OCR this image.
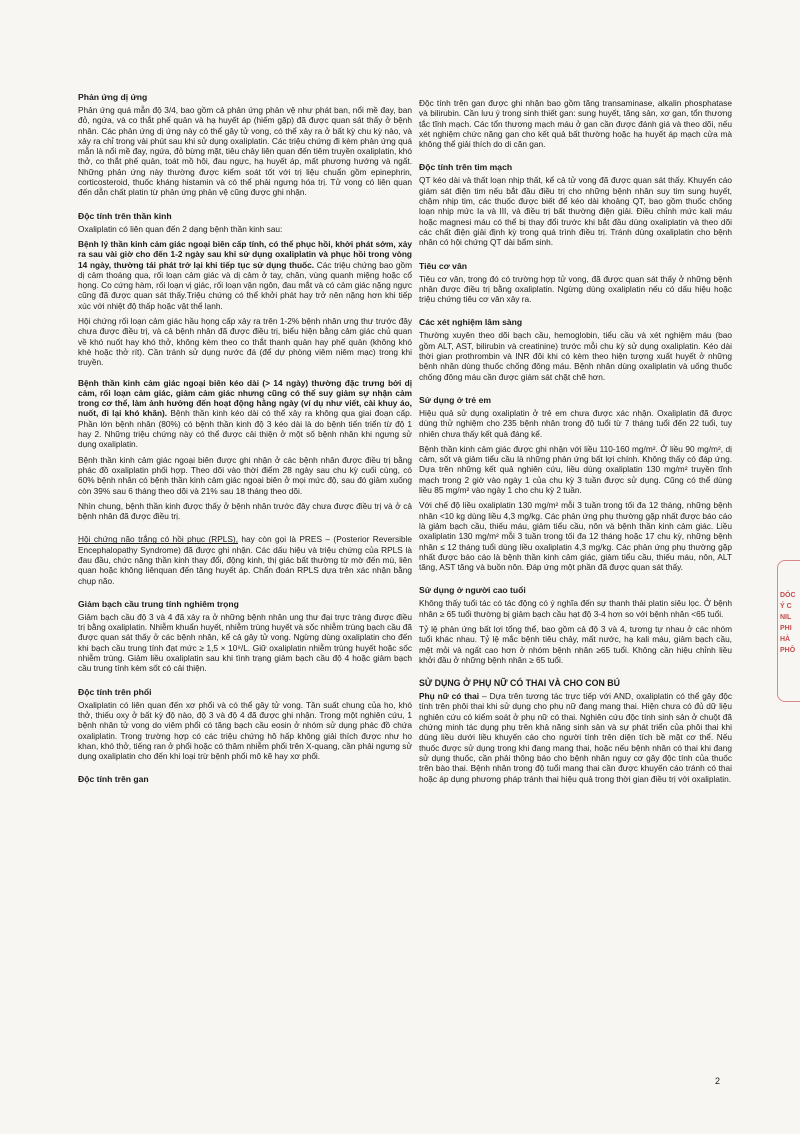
Phản ứng dị ứng

Phản ứng quá mẫn độ 3/4, bao gồm cả phản ứng phản vệ như phát ban, nổi mề đay, ban đỏ, ngứa, và co thắt phế quản và hạ huyết áp (hiếm gặp) đã được quan sát thấy ở bệnh nhân. Các phản ứng dị ứng này có thể gây tử vong, có thể xảy ra ở bất kỳ chu kỳ nào, và xảy ra chỉ trong vài phút sau khi sử dụng oxaliplatin. Các triệu chứng đi kèm phản ứng quá mẫn là nổi mề đay, ngứa, đỏ bừng mặt, tiêu chảy liên quan đến tiêm truyền oxaliplatin, khó thở, co thắt phế quản, toát mồ hôi, đau ngực, hạ huyết áp, mất phương hướng và ngất. Những phản ứng này thường được kiểm soát tốt với trị liệu chuẩn gồm epinephrin, corticosteroid, thuốc kháng histamin và có thể phải ngưng hóa trị. Tử vong có liên quan đến dẫn chất platin từ phản ứng phản vệ cũng được ghi nhận.

Độc tính trên thần kinh

Oxaliplatin có liên quan đến 2 dạng bệnh thần kinh sau:

Bệnh lý thần kinh cảm giác ngoại biên cấp tính, có thể phục hồi, khởi phát sớm, xảy ra sau vài giờ cho đến 1-2 ngày sau khi sử dụng oxaliplatin và phục hồi trong vòng 14 ngày, thường tái phát trở lại khi tiếp tục sử dụng thuốc. Các triệu chứng bao gồm dị cảm thoáng qua, rối loạn cảm giác và dị cảm ở tay, chân, vùng quanh miệng hoặc cổ họng. Co cứng hàm, rối loạn vị giác, rối loạn vận ngôn, đau mắt và có cảm giác nặng ngực cũng đã được quan sát thấy.Triệu chứng có thể khởi phát hay trở nên nặng hơn khi tiếp xúc với nhiệt độ thấp hoặc vật thể lạnh.

Hội chứng rối loạn cảm giác hầu họng cấp xảy ra trên 1-2% bệnh nhân ưng thư trước đây chưa được điều trị, và cả bệnh nhân đã được điều trị, biểu hiện bằng cảm giác chủ quan về khó nuốt hay khó thở, không kèm theo co thắt thanh quản hay phế quản (không khó khè hoặc thở rít). Cần tránh sử dụng nước đá (để dự phòng viêm niêm mạc) trong khi truyền.

Bệnh thần kinh cảm giác ngoại biên kéo dài (> 14 ngày) thường đặc trưng bởi dị cảm, rối loạn cảm giác, giảm cảm giác nhưng cũng có thể suy giảm sự nhận cảm trong cơ thể, làm ảnh hưởng đến hoạt động hằng ngày (ví dụ như viết, cài khuy áo, nuốt, đi lại khó khăn). Bệnh thần kinh kéo dài có thể xảy ra không qua giai đoạn cấp. Phần lớn bệnh nhân (80%) có bệnh thần kinh độ 3 kéo dài là do bệnh tiến triển từ độ 1 hay 2. Những triệu chứng này có thể được cải thiện ở một số bệnh nhân khi ngưng sử dụng oxaliplatin.

Bệnh thần kinh cảm giác ngoại biên được ghi nhận ở các bệnh nhân được điều trị bằng phác đồ oxaliplatin phối hợp. Theo dõi vào thời điểm 28 ngày sau chu kỳ cuối cùng, có 60% bệnh nhân có bệnh thần kinh cảm giác ngoại biên ở mọi mức độ, sau đó giảm xuống còn 39% sau 6 tháng theo dõi và 21% sau 18 tháng theo dõi.

Nhìn chung, bệnh thần kinh được thấy ở bệnh nhân trước đây chưa được điều trị và ở cả bệnh nhân đã được điều trị.

Hội chứng não trắng có hồi phục (RPLS), hay còn gọi là PRES – (Posterior Reversible Encephalopathy Syndrome) đã được ghi nhận. Các dấu hiệu và triệu chứng của RPLS là đau đầu, chức năng thần kinh thay đổi, động kinh, thị giác bất thường từ mờ đến mù, liên quan hoặc không liênquan đến tăng huyết áp. Chẩn đoán RPLS dựa trên xác nhận bằng chụp não.

Giảm bạch cầu trung tính nghiêm trọng

Giảm bạch cầu độ 3 và 4 đã xảy ra ở những bệnh nhân ung thư đại trực tràng được điều trị bằng oxaliplatin. Nhiễm khuẩn huyết, nhiễm trùng huyết và sốc nhiễm trùng bạch cầu đã được quan sát thấy ở các bệnh nhân, kể cả gây tử vong. Ngừng dùng oxaliplatin cho đến khi bạch cầu trung tính đạt mức ≥ 1,5 × 10⁹/L. Giữ oxaliplatin nhiễm trùng huyết hoặc sốc nhiễm trùng. Giảm liều oxaliplatin sau khi tình trạng giảm bạch cầu độ 4 hoặc giảm bạch cầu trung tính kèm sốt có cải thiện.

Độc tính trên phổi

Oxaliplatin có liên quan đến xơ phổi và có thể gây tử vong. Tần suất chung của ho, khó thở, thiếu oxy ở bất kỳ độ nào, độ 3 và độ 4 đã được ghi nhận. Trong một nghiên cứu, 1 bệnh nhân tử vong do viêm phổi có tăng bạch cầu eosin ở nhóm sử dụng phác đồ chứa oxaliplatin. Trong trường hợp có các triệu chứng hô hấp không giải thích được như ho khan, khó thở, tiếng ran ở phổi hoặc có thâm nhiễm phổi trên X-quang, cần phải ngưng sử dụng oxaliplatin cho đến khi loại trừ bệnh phổi mô kẽ hay xơ phổi.

Độc tính trên gan

Độc tính trên gan được ghi nhận bao gồm tăng transaminase, alkalin phosphatase và bilirubin. Cần lưu ý trong sinh thiết gan: sung huyết, tăng sản, xơ gan, tổn thương tắc tĩnh mạch. Các tổn thương mạch máu ở gan cần được đánh giá và theo dõi, nếu xét nghiệm chức năng gan cho kết quả bất thường hoặc hạ huyết áp mạch cửa mà không thể giải thích do di căn gan.

Độc tính trên tim mạch

QT kéo dài và thất loạn nhịp thất, kể cả tử vong đã được quan sát thấy. Khuyến cáo giám sát điện tim nếu bắt đầu điều trị cho những bệnh nhân suy tim sung huyết, chậm nhịp tim, các thuốc được biết để kéo dài khoảng QT, bao gồm thuốc chống loạn nhịp mức Ia và III, và điều trị bất thường điện giải. Điều chỉnh mức kali máu hoặc magnesi máu có thể bị thay đổi trước khi bắt đầu dùng oxaliplatin và theo dõi các chất điện giải định kỳ trong quá trình điều trị. Tránh dùng oxaliplatin cho bệnh nhân có hội chứng QT dài bẩm sinh.

Tiêu cơ vân

Tiêu cơ vân, trong đó có trường hợp tử vong, đã được quan sát thấy ở những bệnh nhân được điều trị bằng oxaliplatin. Ngừng dùng oxaliplatin nếu có dấu hiệu hoặc triệu chứng tiêu cơ vân xảy ra.

Các xét nghiệm lâm sàng

Thường xuyên theo dõi bạch cầu, hemoglobin, tiểu cầu và xét nghiệm máu (bao gồm ALT, AST, bilirubin và creatinine) trước mỗi chu kỳ sử dụng oxaliplatin. Kéo dài thời gian prothrombin và INR đôi khi có kèm theo hiện tượng xuất huyết ở những bệnh nhân dùng thuốc chống đông máu. Bệnh nhân dùng oxaliplatin và uống thuốc chống đông máu cần được giám sát chặt chẽ hơn.

Sử dụng ở trẻ em

Hiệu quả sử dụng oxaliplatin ở trẻ em chưa được xác nhận. Oxaliplatin đã được dùng thử nghiệm cho 235 bệnh nhân trong độ tuổi từ 7 tháng tuổi đến 22 tuổi, tuy nhiên chưa thấy kết quả đáng kể.

Bệnh thần kinh cảm giác được ghi nhận với liều 110-160 mg/m². Ở liều 90 mg/m², dị cảm, sốt và giảm tiểu cầu là những phản ứng bất lợi chính. Không thấy có đáp ứng. Dựa trên những kết quả nghiên cứu, liều dùng oxaliplatin 130 mg/m² truyền tĩnh mạch trong 2 giờ vào ngày 1 của chu kỳ 3 tuần được sử dụng. Cũng có thể dùng liều 85 mg/m² vào ngày 1 cho chu kỳ 2 tuần.

Với chế độ liều oxaliplatin 130 mg/m² mỗi 3 tuần trong tối đa 12 tháng, những bệnh nhân <10 kg dùng liều 4,3 mg/kg. Các phản ứng phụ thường gặp nhất được báo cáo là giảm bạch cầu, thiếu máu, giảm tiểu cầu, nôn và bệnh thần kinh cảm giác. Liều oxaliplatin 130 mg/m² mỗi 3 tuần trong tối đa 12 tháng hoặc 17 chu kỳ, những bệnh nhân ≤ 12 tháng tuổi dùng liều oxaliplatin 4,3 mg/kg. Các phản ứng phụ thường gặp nhất được báo cáo là bệnh thần kinh cảm giác, giảm tiểu cầu, thiếu máu, nôn, ALT tăng, AST tăng và buồn nôn. Đáp ứng một phần đã được quan sát thấy.

Sử dụng ở người cao tuổi

Không thấy tuổi tác có tác động có ý nghĩa đến sự thanh thải platin siêu lọc. Ở bệnh nhân ≥ 65 tuổi thường bị giảm bạch cầu hạt độ 3-4 hơn so với bệnh nhân <65 tuổi.

Tỷ lệ phản ứng bất lợi tổng thể, bao gồm cả độ 3 và 4, tương tự nhau ở các nhóm tuổi khác nhau. Tỷ lệ mắc bệnh tiêu chảy, mất nước, hạ kali máu, giảm bạch cầu, mệt mỏi và ngất cao hơn ở nhóm bệnh nhân ≥65 tuổi. Không cần hiệu chỉnh liều khởi đầu ở những bệnh nhân ≥ 65 tuổi.

SỬ DỤNG Ở PHỤ NỮ CÓ THAI VÀ CHO CON BÚ

Phụ nữ có thai – Dựa trên tương tác trực tiếp với AND, oxaliplatin có thể gây độc tính trên phôi thai khi sử dụng cho phụ nữ đang mang thai. Hiện chưa có đủ dữ liệu nghiên cứu có kiểm soát ở phụ nữ có thai. Nghiên cứu độc tính sinh sản ở chuột đã chứng minh tác dụng phụ trên khả năng sinh sản và sự phát triển của phôi thai khi dùng liều dưới liều khuyến cáo cho người tính trên diện tích bề mặt cơ thể. Nếu thuốc được sử dụng trong khi đang mang thai, hoặc nếu bệnh nhân có thai khi đang sử dụng thuốc, cần phải thông báo cho bệnh nhân nguy cơ gây độc tính của thuốc trên bào thai. Bệnh nhân trong độ tuổi mang thai cần được khuyến cáo tránh có thai hoặc áp dụng phương pháp tránh thai hiệu quả trong thời gian điều trị với oxaliplatin.

DÓC Ý C NIL PHI HÀ PHÔ
2
